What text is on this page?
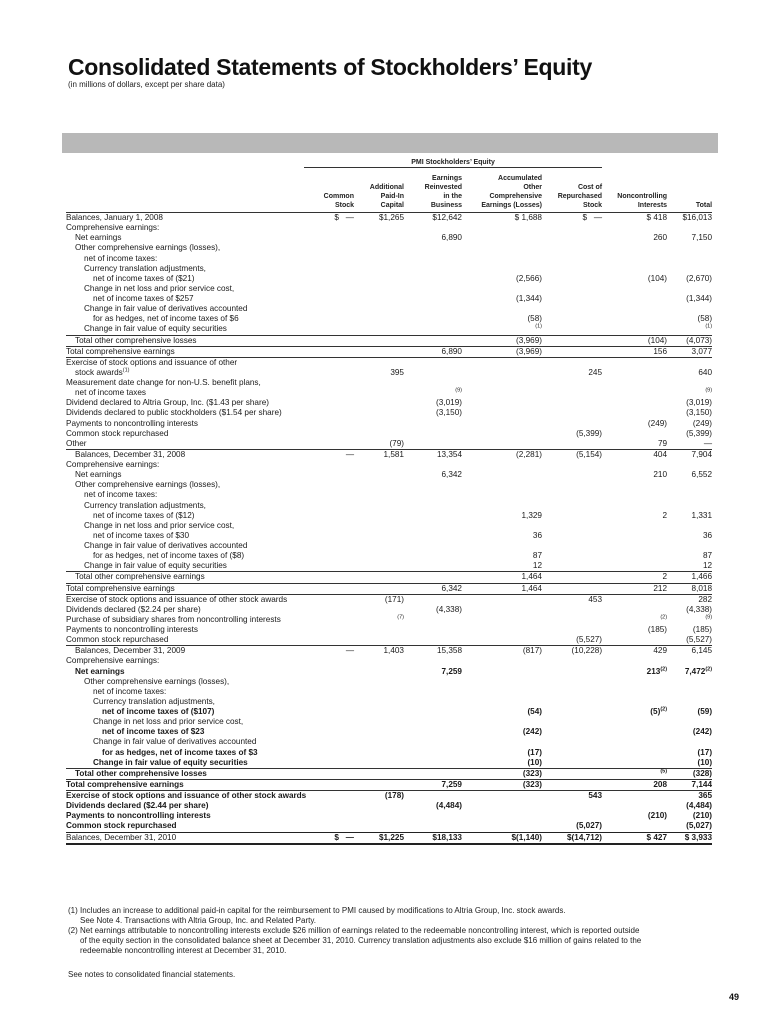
Consolidated Statements of Stockholders’ Equity
(in millions of dollars, except per share data)
	PMI Stockholders’ Equity						

			Earnings	Accumulated			
		Additional	Reinvested	Other	Cost of		
	Common	Paid-In	in the	Comprehensive	Repurchased	Noncontrolling	
	Stock	Capital	Business	Earnings (Losses)	Stock	Interests	Total
Balances, January 1, 2008	$   —	$1,265	$12,642	$ 1,688	$   —	$ 418	$16,013
Comprehensive earnings:							
Net earnings			6,890			260	7,150
Other comprehensive earnings (losses),							
net of income taxes:							
Currency translation adjustments,							
net of income taxes of ($21)				(2,566)		(104)	(2,670)
Change in net loss and prior service cost,							
net of income taxes of $257				(1,344)			(1,344)
Change in fair value of derivatives accounted							
for as hedges, net of income taxes of $6				(58)			(58)
Change in fair value of equity securities				$^{(1)}$			$^{(1)}$
Total other comprehensive losses				(3,969)		(104)	(4,073)
Total comprehensive earnings			6,890	(3,969)		156	3,077
Exercise of stock options and issuance of other							
stock awards$^{(1)}$		395			245		640
Measurement date change for non-U.S. benefit plans,							
net of income taxes			$^{(9)}$				$^{(9)}$
Dividend declared to Altria Group, Inc. ($1.43 per share)			(3,019)				(3,019)
Dividends declared to public stockholders ($1.54 per share)			(3,150)				(3,150)
Payments to noncontrolling interests						(249)	(249)
Common stock repurchased					(5,399)		(5,399)
Other		(79)				79	—
Balances, December 31, 2008	—	1,581	13,354	(2,281)	(5,154)	404	7,904
Comprehensive earnings:							
Net earnings			6,342			210	6,552
Other comprehensive earnings (losses),							
net of income taxes:							
Currency translation adjustments,							
net of income taxes of ($12)				1,329		2	1,331
Change in net loss and prior service cost,							
net of income taxes of $30				36			36
Change in fair value of derivatives accounted							
for as hedges, net of income taxes of ($8)				87			87
Change in fair value of equity securities				12			12
Total other comprehensive earnings				1,464		2	1,466
Total comprehensive earnings			6,342	1,464		212	8,018
Exercise of stock options and issuance of other stock awards		(171)			453		282
Dividends declared ($2.24 per share)			(4,338)				(4,338)
Purchase of subsidiary shares from noncontrolling interests		$^{(7)}$				$^{(2)}$	$^{(9)}$
Payments to noncontrolling interests						(185)	(185)
Common stock repurchased					(5,527)		(5,527)
Balances, December 31, 2009	—	1,403	15,358	(817)	(10,228)	429	6,145
Comprehensive earnings:							
Net earnings			7,259			213$^{(2)}$	7,472$^{(2)}$
Other comprehensive earnings (losses),							
net of income taxes:							
Currency translation adjustments,							
net of income taxes of ($107)				(54)		$(5)^{(2)}$	(59)
Change in net loss and prior service cost,							
net of income taxes of $23				(242)			(242)
Change in fair value of derivatives accounted							
for as hedges, net of income taxes of $3				(17)			(17)
Change in fair value of equity securities				(10)			(10)
Total other comprehensive losses				(323)		$^{(5)}$	(328)
Total comprehensive earnings			7,259	(323)		208	7,144
Exercise of stock options and issuance of other stock awards		(178)			543		365
Dividends declared ($2.44 per share)			(4,484)				(4,484)
Payments to noncontrolling interests						(210)	(210)
Common stock repurchased					(5,027)		(5,027)
Balances, December 31, 2010	$   —	$1,225	$18,133	$(1,140)	$(14,712)	$ 427	$ 3,933

(1) Includes an increase to additional paid-in capital for the reimbursement to PMI caused by modifications to Altria Group, Inc. stock awards.

See Note 4. Transactions with Altria Group, Inc. and Related Party.

(2) Net earnings attributable to noncontrolling interests exclude $26 million of earnings related to the redeemable noncontrolling interest, which is reported outside

of the equity section in the consolidated balance sheet at December 31, 2010. Currency translation adjustments also exclude $16 million of gains related to the

redeemable noncontrolling interest at December 31, 2010.

See notes to consolidated financial statements.
49
